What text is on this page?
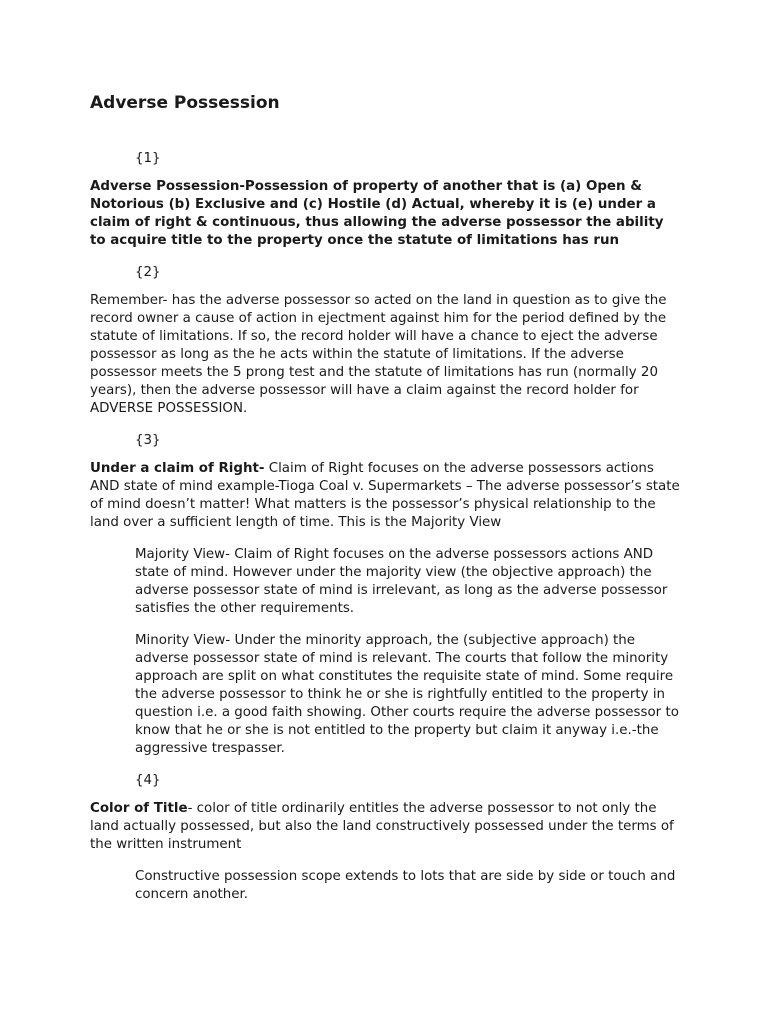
Adverse Possession
{1}

Adverse Possession-Possession of property of another that is (a) Open & Notorious (b) Exclusive and (c) Hostile (d) Actual, whereby it is (e) under a claim of right & continuous, thus allowing the adverse possessor the ability to acquire title to the property once the statute of limitations has run

{2}

Remember- has the adverse possessor so acted on the land in question as to give the record owner a cause of action in ejectment against him for the period defined by the statute of limitations. If so, the record holder will have a chance to eject the adverse possessor as long as the he acts within the statute of limitations. If the adverse possessor meets the 5 prong test and the statute of limitations has run (normally 20 years), then the adverse possessor will have a claim against the record holder for ADVERSE POSSESSION.

{3}

Under a claim of Right- Claim of Right focuses on the adverse possessors actions AND state of mind example-Tioga Coal v. Supermarkets – The adverse possessor’s state of mind doesn’t matter! What matters is the possessor’s physical relationship to the land over a sufficient length of time. This is the Majority View

Majority View- Claim of Right focuses on the adverse possessors actions AND state of mind. However under the majority view (the objective approach) the adverse possessor state of mind is irrelevant, as long as the adverse possessor satisfies the other requirements.

Minority View- Under the minority approach, the (subjective approach) the adverse possessor state of mind is relevant. The courts that follow the minority approach are split on what constitutes the requisite state of mind. Some require the adverse possessor to think he or she is rightfully entitled to the property in question i.e. a good faith showing. Other courts require the adverse possessor to know that he or she is not entitled to the property but claim it anyway i.e.-the aggressive trespasser.

{4}

Color of Title- color of title ordinarily entitles the adverse possessor to not only the land actually possessed, but also the land constructively possessed under the terms of the written instrument

Constructive possession scope extends to lots that are side by side or touch and concern another.
